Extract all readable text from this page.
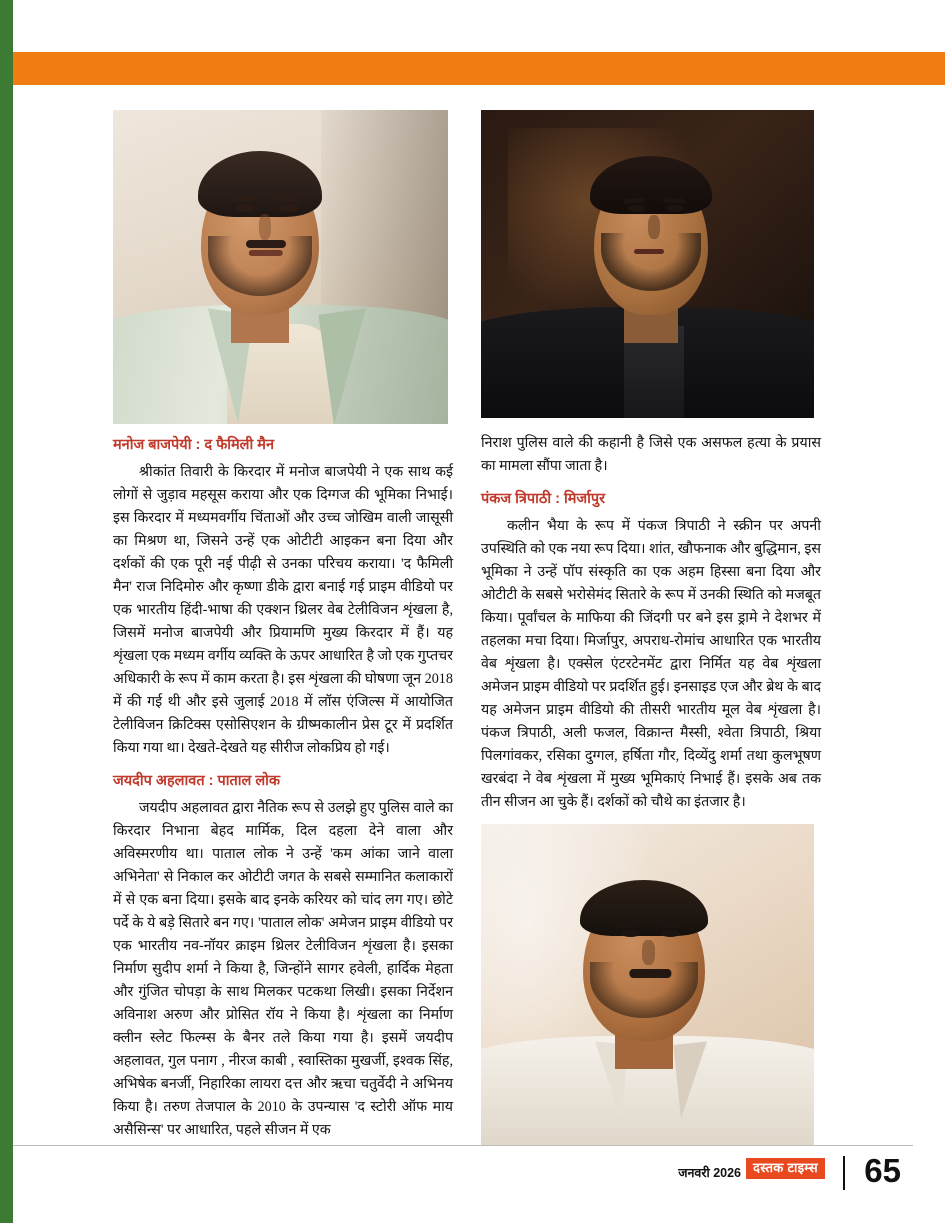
मनोज बाजपेयी : द फैमिली मैन

श्रीकांत तिवारी के किरदार में मनोज बाजपेयी ने एक साथ कई लोगों से जुड़ाव महसूस कराया और एक दिग्गज की भूमिका निभाई। इस किरदार में मध्यमवर्गीय चिंताओं और उच्च जोखिम वाली जासूसी का मिश्रण था, जिसने उन्हें एक ओटीटी आइकन बना दिया और दर्शकों की एक पूरी नई पीढ़ी से उनका परिचय कराया। 'द फैमिली मैन' राज निदिमोरु और कृष्णा डीके द्वारा बनाई गई प्राइम वीडियो पर एक भारतीय हिंदी-भाषा की एक्शन थ्रिलर वेब टेलीविजन शृंखला है, जिसमें मनोज बाजपेयी और प्रियामणि मुख्य किरदार में हैं। यह शृंखला एक मध्यम वर्गीय व्यक्ति के ऊपर आधारित है जो एक गुप्तचर अधिकारी के रूप में काम करता है। इस शृंखला की घोषणा जून 2018 में की गई थी और इसे जुलाई 2018 में लॉस एंजिल्स में आयोजित टेलीविजन क्रिटिक्स एसोसिएशन के ग्रीष्मकालीन प्रेस टूर में प्रदर्शित किया गया था। देखते-देखते यह सीरीज लोकप्रिय हो गई।

जयदीप अहलावत : पाताल लोक

जयदीप अहलावत द्वारा नैतिक रूप से उलझे हुए पुलिस वाले का किरदार निभाना बेहद मार्मिक, दिल दहला देने वाला और अविस्मरणीय था। पाताल लोक ने उन्हें 'कम आंका जाने वाला अभिनेता' से निकाल कर ओटीटी जगत के सबसे सम्मानित कलाकारों में से एक बना दिया। इसके बाद इनके करियर को चांद लग गए। छोटे पर्दे के ये बड़े सितारे बन गए। 'पाताल लोक' अमेजन प्राइम वीडियो पर एक भारतीय नव-नॉयर क्राइम थ्रिलर टेलीविजन शृंखला है। इसका निर्माण सुदीप शर्मा ने किया है, जिन्होंने सागर हवेली, हार्दिक मेहता और गुंजित चोपड़ा के साथ मिलकर पटकथा लिखी। इसका निर्देशन अविनाश अरुण और प्रोसित रॉय ने किया है। शृंखला का निर्माण क्लीन स्लेट फिल्म्स के बैनर तले किया गया है। इसमें जयदीप अहलावत, गुल पनाग , नीरज काबी , स्वास्तिका मुखर्जी, इश्वक सिंह, अभिषेक बनर्जी, निहारिका लायरा दत्त और ऋचा चतुर्वेदी ने अभिनय किया है। तरुण तेजपाल के 2010 के उपन्यास 'द स्टोरी ऑफ माय असैसिन्स' पर आधारित, पहले सीजन में एक

निराश पुलिस वाले की कहानी है जिसे एक असफल हत्या के प्रयास का मामला सौंपा जाता है।

पंकज त्रिपाठी : मिर्जापुर

कलीन भैया के रूप में पंकज त्रिपाठी ने स्क्रीन पर अपनी उपस्थिति को एक नया रूप दिया। शांत, खौफनाक और बुद्धिमान, इस भूमिका ने उन्हें पॉप संस्कृति का एक अहम हिस्सा बना दिया और ओटीटी के सबसे भरोसेमंद सितारे के रूप में उनकी स्थिति को मजबूत किया। पूर्वांचल के माफिया की जिंदगी पर बने इस ड्रामे ने देशभर में तहलका मचा दिया। मिर्जापुर, अपराध-रोमांच आधारित एक भारतीय वेब शृंखला है। एक्सेल एंटरटेनमेंट द्वारा निर्मित यह वेब शृंखला अमेजन प्राइम वीडियो पर प्रदर्शित हुई। इनसाइड एज और ब्रेथ के बाद यह अमेजन प्राइम वीडियो की तीसरी भारतीय मूल वेब शृंखला है। पंकज त्रिपाठी, अली फजल, विक्रान्त मैस्सी, श्वेता त्रिपाठी, श्रिया पिलगांवकर, रसिका दुग्गल, हर्षिता गौर, दिव्येंदु शर्मा तथा कुलभूषण खरबंदा ने वेब शृंखला में मुख्य भूमिकाएं निभाई हैं। इसके अब तक तीन सीजन आ चुके हैं। दर्शकों को चौथे का इंतजार है।

जनवरी 2026 दस्तक टाइम्स 65
